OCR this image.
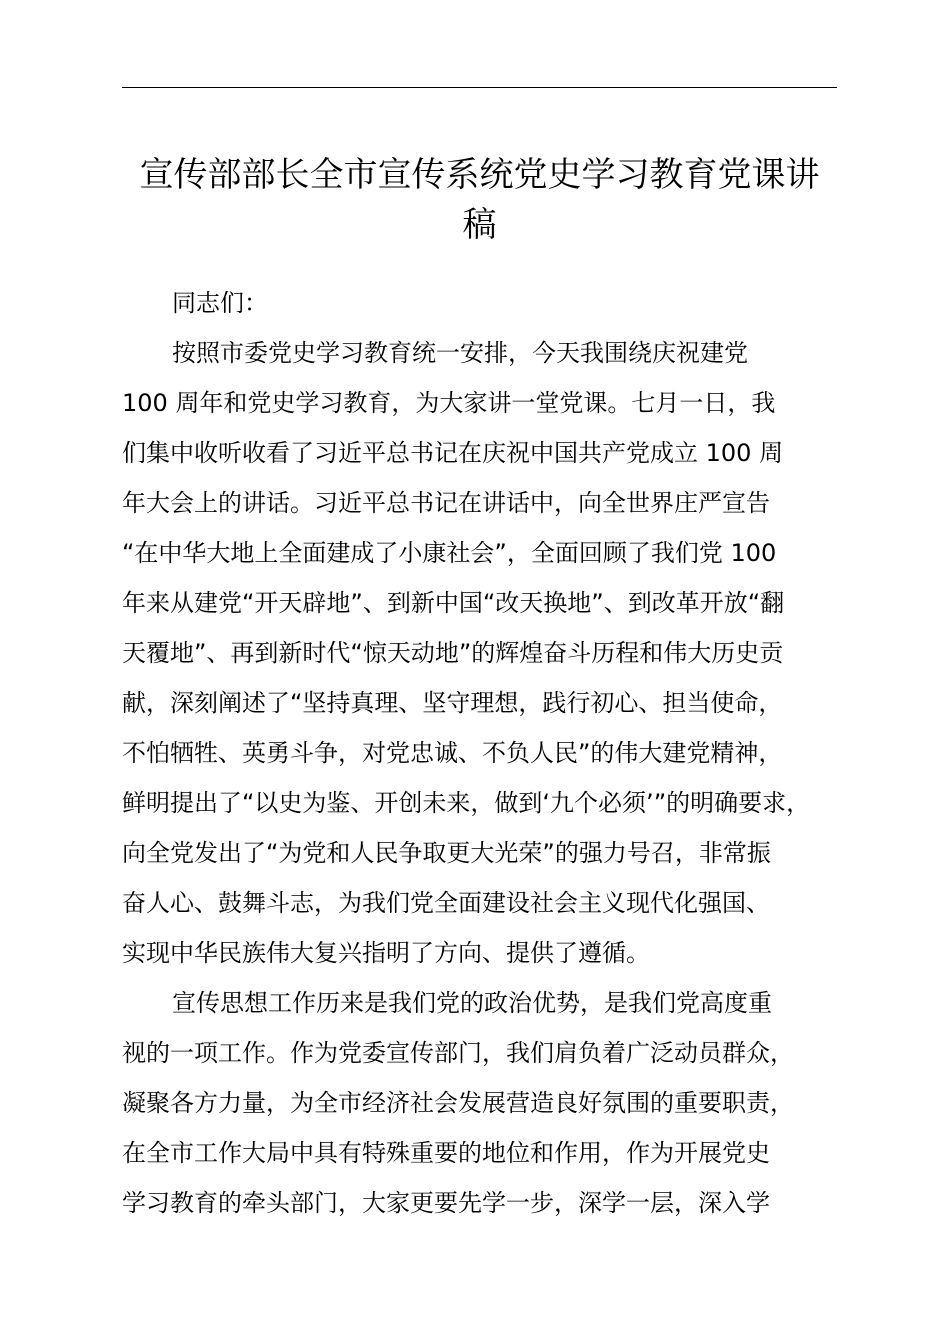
宣传部部长全市宣传系统党史学习教育党课讲
稿

同志们：

按照市委党史学习教育统一安排，今天我围绕庆祝建党
100 周年和党史学习教育，为大家讲一堂党课。七月一日，我
们集中收听收看了习近平总书记在庆祝中国共产党成立 100 周
年大会上的讲话。习近平总书记在讲话中，向全世界庄严宣告
“在中华大地上全面建成了小康社会”，全面回顾了我们党 100
年来从建党“开天辟地”、到新中国“改天换地”、到改革开放“翻
天覆地”、再到新时代“惊天动地”的辉煌奋斗历程和伟大历史贡
献，深刻阐述了“坚持真理、坚守理想，践行初心、担当使命，
不怕牺牲、英勇斗争，对党忠诚、不负人民”的伟大建党精神，
鲜明提出了“以史为鉴、开创未来，做到‘九个必须’”的明确要求，
向全党发出了“为党和人民争取更大光荣”的强力号召，非常振
奋人心、鼓舞斗志，为我们党全面建设社会主义现代化强国、
实现中华民族伟大复兴指明了方向、提供了遵循。

宣传思想工作历来是我们党的政治优势，是我们党高度重
视的一项工作。作为党委宣传部门，我们肩负着广泛动员群众，
凝聚各方力量，为全市经济社会发展营造良好氛围的重要职责，
在全市工作大局中具有特殊重要的地位和作用，作为开展党史
学习教育的牵头部门，大家更要先学一步，深学一层，深入学
